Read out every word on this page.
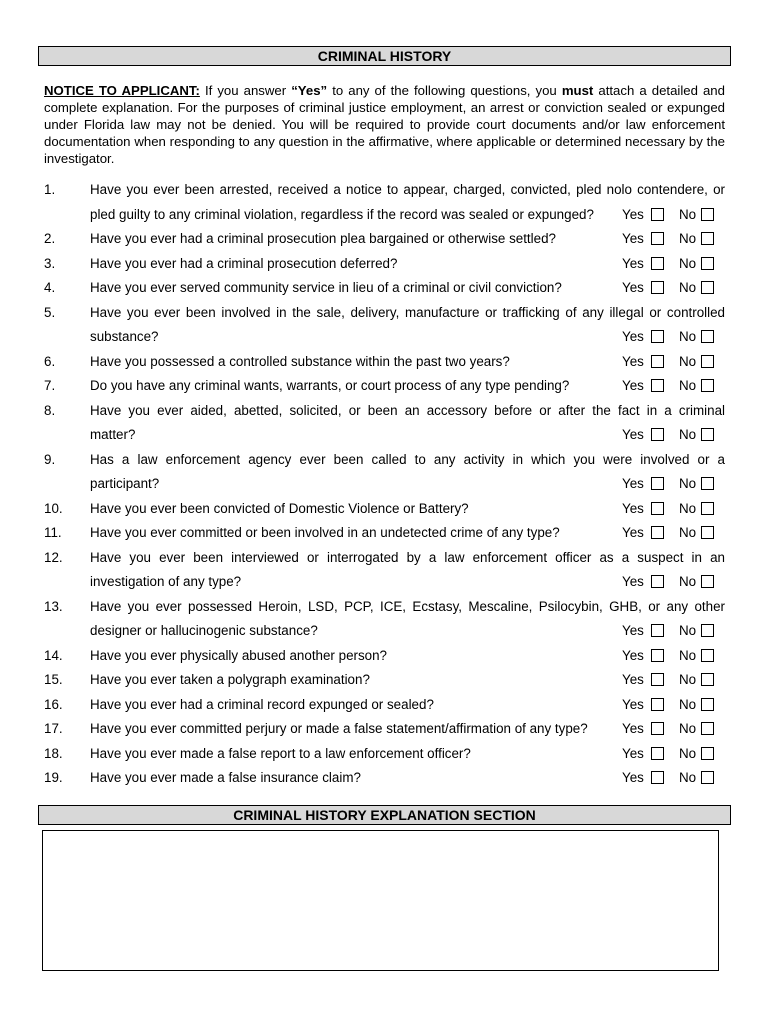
CRIMINAL HISTORY
NOTICE TO APPLICANT: If you answer “Yes” to any of the following questions, you must attach a detailed and complete explanation. For the purposes of criminal justice employment, an arrest or conviction sealed or expunged under Florida law may not be denied. You will be required to provide court documents and/or law enforcement documentation when responding to any question in the affirmative, where applicable or determined necessary by the investigator.
1.	Have you ever been arrested, received a notice to appear, charged, convicted, pled nolo contendere, or
pled guilty to any criminal violation, regardless if the record was sealed or expunged?	Yes	No
2.	Have you ever had a criminal prosecution plea bargained or otherwise settled?	Yes	No
3.	Have you ever had a criminal prosecution deferred?	Yes	No
4.	Have you ever served community service in lieu of a criminal or civil conviction?	Yes	No
5.	Have you ever been involved in the sale, delivery, manufacture or trafficking of any illegal or controlled
substance?	Yes	No
6.	Have you possessed a controlled substance within the past two years?	Yes	No
7.	Do you have any criminal wants, warrants, or court process of any type pending?	Yes	No
8.	Have you ever aided, abetted, solicited, or been an accessory before or after the fact in a criminal
matter?	Yes	No
9.	Has a law enforcement agency ever been called to any activity in which you were involved or a
participant?	Yes	No
10. Have you ever been convicted of Domestic Violence or Battery?	Yes	No
11. Have you ever committed or been involved in an undetected crime of any type?	Yes	No
12. Have you ever been interviewed or interrogated by a law enforcement officer as a suspect in an
investigation of any type?	Yes	No
13. Have you ever possessed Heroin, LSD, PCP, ICE, Ecstasy, Mescaline, Psilocybin, GHB, or any other
designer or hallucinogenic substance?	Yes	No
14. Have you ever physically abused another person?	Yes	No
15. Have you ever taken a polygraph examination?	Yes	No
16. Have you ever had a criminal record expunged or sealed?	Yes	No
17. Have you ever committed perjury or made a false statement/affirmation of any type?	Yes	No
18. Have you ever made a false report to a law enforcement officer?	Yes	No
19. Have you ever made a false insurance claim?	Yes	No
CRIMINAL HISTORY EXPLANATION SECTION
